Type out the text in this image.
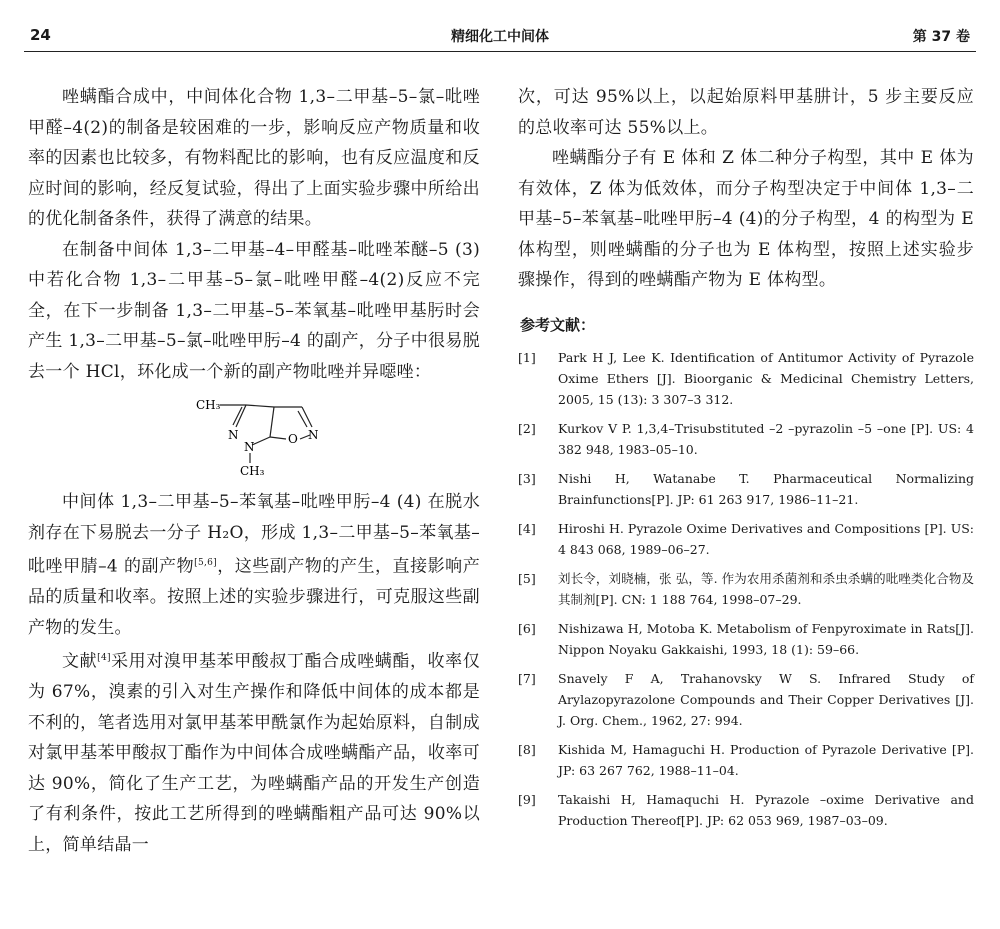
24	精细化工中间体	第 37 卷

唑螨酯合成中，中间体化合物 1,3–二甲基–5–氯–吡唑甲醛–4(2)的制备是较困难的一步，影响反应产物质量和收率的因素也比较多，有物料配比的影响，也有反应温度和反应时间的影响，经反复试验，得出了上面实验步骤中所给出的优化制备条件，获得了满意的结果。

在制备中间体 1,3–二甲基–4–甲醛基–吡唑苯醚–5 (3) 中若化合物 1,3–二甲基–5–氯–吡唑甲醛–4(2)反应不完全，在下一步制备 1,3–二甲基–5–苯氧基–吡唑甲基肟时会产生 1,3–二甲基–5–氯–吡唑甲肟–4 的副产，分子中很易脱去一个 HCl，环化成一个新的副产物吡唑并异噁唑：

CH₃
N
N
CH₃
O N

中间体 1,3–二甲基–5–苯氧基–吡唑甲肟–4 (4) 在脱水剂存在下易脱去一分子 H₂O，形成 1,3–二甲基–5–苯氧基–吡唑甲腈–4 的副产物[5,6]，这些副产物的产生，直接影响产品的质量和收率。按照上述的实验步骤进行，可克服这些副产物的发生。

文献[4]采用对溴甲基苯甲酸叔丁酯合成唑螨酯，收率仅为 67%，溴素的引入对生产操作和降低中间体的成本都是不利的，笔者选用对氯甲基苯甲酰氯作为起始原料，自制成对氯甲基苯甲酸叔丁酯作为中间体合成唑螨酯产品，收率可达 90%，简化了生产工艺，为唑螨酯产品的开发生产创造了有利条件，按此工艺所得到的唑螨酯粗产品可达 90%以上，简单结晶一

次，可达 95%以上，以起始原料甲基肼计，5 步主要反应的总收率可达 55%以上。

唑螨酯分子有 E 体和 Z 体二种分子构型，其中 E 体为有效体，Z 体为低效体，而分子构型决定于中间体 1,3–二甲基–5–苯氧基–吡唑甲肟–4 (4)的分子构型，4 的构型为 E 体构型，则唑螨酯的分子也为 E 体构型，按照上述实验步骤操作，得到的唑螨酯产物为 E 体构型。

参考文献：
[1]	Park H J, Lee K. Identification of Antitumor Activity of Pyrazole Oxime Ethers [J]. Bioorganic & Medicinal Chemistry Letters, 2005, 15 (13): 3 307–3 312.
[2]	Kurkov V P. 1,3,4–Trisubstituted –2 –pyrazolin –5 –one [P]. US: 4 382 948, 1983–05–10.
[3]	Nishi H, Watanabe T. Pharmaceutical Normalizing Brainfunctions[P]. JP: 61 263 917, 1986–11–21.
[4]	Hiroshi H. Pyrazole Oxime Derivatives and Compositions [P]. US: 4 843 068, 1989–06–27.
[5]	刘长令，刘晓楠，张 弘，等. 作为农用杀菌剂和杀虫杀螨的吡唑类化合物及其制剂[P]. CN: 1 188 764, 1998–07–29.
[6]	Nishizawa H, Motoba K. Metabolism of Fenpyroximate in Rats[J]. Nippon Noyaku Gakkaishi, 1993, 18 (1): 59–66.
[7]	Snavely F A, Trahanovsky W S. Infrared Study of Arylazopyrazolone Compounds and Their Copper Derivatives [J]. J. Org. Chem., 1962, 27: 994.
[8]	Kishida M, Hamaguchi H. Production of Pyrazole Derivative [P]. JP: 63 267 762, 1988–11–04.
[9]	Takaishi H, Hamaquchi H. Pyrazole –oxime Derivative and Production Thereof[P]. JP: 62 053 969, 1987–03–09.
